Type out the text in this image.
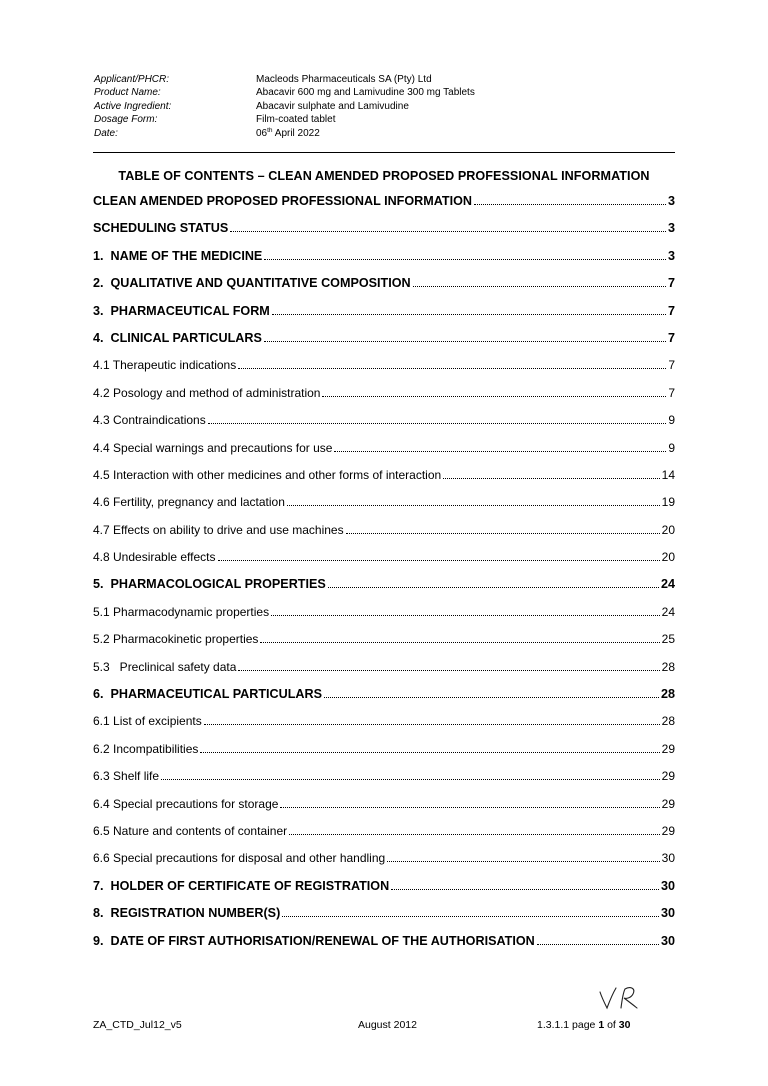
Applicant/PHCR:	Macleods Pharmaceuticals SA (Pty) Ltd
Product Name:	Abacavir 600 mg and Lamivudine 300 mg Tablets
Active Ingredient:	Abacavir sulphate and Lamivudine
Dosage Form:	Film-coated tablet
Date:	06th April 2022
TABLE OF CONTENTS – CLEAN AMENDED PROPOSED PROFESSIONAL INFORMATION
CLEAN AMENDED PROPOSED PROFESSIONAL INFORMATION	3
SCHEDULING STATUS	3
1.  NAME OF THE MEDICINE	3
2.  QUALITATIVE AND QUANTITATIVE COMPOSITION	7
3.  PHARMACEUTICAL FORM	7
4.  CLINICAL PARTICULARS	7
4.1 Therapeutic indications	7
4.2 Posology and method of administration	7
4.3 Contraindications	9
4.4 Special warnings and precautions for use	9
4.5 Interaction with other medicines and other forms of interaction	14
4.6 Fertility, pregnancy and lactation	19
4.7 Effects on ability to drive and use machines	20
4.8 Undesirable effects	20
5.  PHARMACOLOGICAL PROPERTIES	24
5.1 Pharmacodynamic properties	24
5.2 Pharmacokinetic properties	25
5.3   Preclinical safety data	28
6.  PHARMACEUTICAL PARTICULARS	28
6.1 List of excipients	28
6.2 Incompatibilities	29
6.3 Shelf life	29
6.4 Special precautions for storage	29
6.5 Nature and contents of container	29
6.6 Special precautions for disposal and other handling	30
7.  HOLDER OF CERTIFICATE OF REGISTRATION	30
8.  REGISTRATION NUMBER(S)	30
9.  DATE OF FIRST AUTHORISATION/RENEWAL OF THE AUTHORISATION	30
ZA_CTD_Jul12_v5	August 2012	1.3.1.1 page 1 of 30
